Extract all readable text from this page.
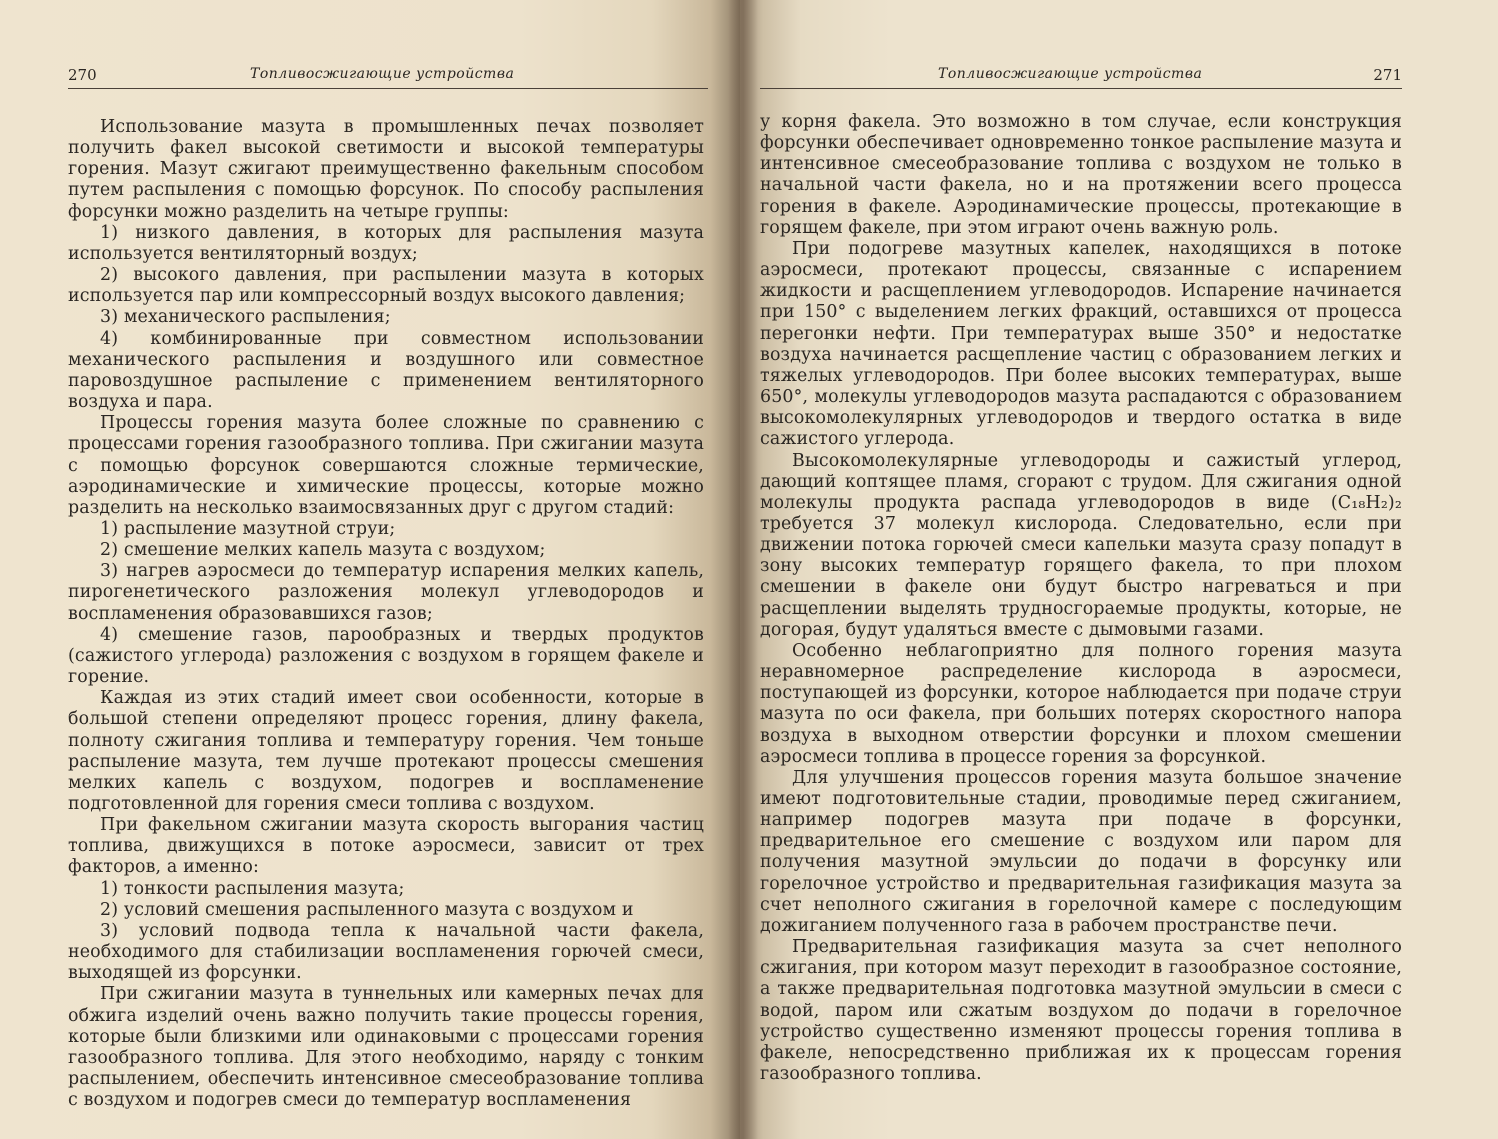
270	Топливосжигающие устройства

Использование мазута в промышленных печах позволяет получить факел высокой светимости и высокой температуры горения. Мазут сжигают преимущественно факельным способом путем распыления с помощью форсунок. По способу распыления форсунки можно разделить на четыре группы:

1) низкого давления, в которых для распыления мазута используется вентиляторный воздух;

2) высокого давления, при распылении мазута в которых используется пар или компрессорный воздух высокого давления;

3) механического распыления;

4) комбинированные при совместном использовании механического распыления и воздушного или совместное паровоздушное распыление с применением вентиляторного воздуха и пара.

Процессы горения мазута более сложные по сравнению с процессами горения газообразного топлива. При сжигании мазута с помощью форсунок совершаются сложные термические, аэродинамические и химические процессы, которые можно разделить на несколько взаимосвязанных друг с другом стадий:

1) распыление мазутной струи;

2) смешение мелких капель мазута с воздухом;

3) нагрев аэросмеси до температур испарения мелких капель, пирогенетического разложения молекул углеводородов и воспламенения образовавшихся газов;

4) смешение газов, парообразных и твердых продуктов (сажистого углерода) разложения с воздухом в горящем факеле и горение.

Каждая из этих стадий имеет свои особенности, которые в большой степени определяют процесс горения, длину факела, полноту сжигания топлива и температуру горения. Чем тоньше распыление мазута, тем лучше протекают процессы смешения мелких капель с воздухом, подогрев и воспламенение подготовленной для горения смеси топлива с воздухом.

При факельном сжигании мазута скорость выгорания частиц топлива, движущихся в потоке аэросмеси, зависит от трех факторов, а именно:

1) тонкости распыления мазута;

2) условий смешения распыленного мазута с воздухом и

3) условий подвода тепла к начальной части факела, необходимого для стабилизации воспламенения горючей смеси, выходящей из форсунки.

При сжигании мазута в туннельных или камерных печах для обжига изделий очень важно получить такие процессы горения, которые были близкими или одинаковыми с процессами горения газообразного топлива. Для этого необходимо, наряду с тонким распылением, обеспечить интенсивное смесеобразование топлива с воздухом и подогрев смеси до температур воспламенения

Топливосжигающие устройства	271

у корня факела. Это возможно в том случае, если конструкция форсунки обеспечивает одновременно тонкое распыление мазута и интенсивное смесеобразование топлива с воздухом не только в начальной части факела, но и на протяжении всего процесса горения в факеле. Аэродинамические процессы, протекающие в горящем факеле, при этом играют очень важную роль.

При подогреве мазутных капелек, находящихся в потоке аэросмеси, протекают процессы, связанные с испарением жидкости и расщеплением углеводородов. Испарение начинается при 150° с выделением легких фракций, оставшихся от процесса перегонки нефти. При температурах выше 350° и недостатке воздуха начинается расщепление частиц с образованием легких и тяжелых углеводородов. При более высоких температурах, выше 650°, молекулы углеводородов мазута распадаются с образованием высокомолекулярных углеводородов и твердого остатка в виде сажистого углерода.

Высокомолекулярные углеводороды и сажистый углерод, дающий коптящее пламя, сгорают с трудом. Для сжигания одной молекулы продукта распада углеводородов в виде (C₁₈H₂)₂ требуется 37 молекул кислорода. Следовательно, если при движении потока горючей смеси капельки мазута сразу попадут в зону высоких температур горящего факела, то при плохом смешении в факеле они будут быстро нагреваться и при расщеплении выделять трудносгораемые продукты, которые, не догорая, будут удаляться вместе с дымовыми газами.

Особенно неблагоприятно для полного горения мазута неравномерное распределение кислорода в аэросмеси, поступающей из форсунки, которое наблюдается при подаче струи мазута по оси факела, при больших потерях скоростного напора воздуха в выходном отверстии форсунки и плохом смешении аэросмеси топлива в процессе горения за форсункой.

Для улучшения процессов горения мазута большое значение имеют подготовительные стадии, проводимые перед сжиганием, например подогрев мазута при подаче в форсунки, предварительное его смешение с воздухом или паром для получения мазутной эмульсии до подачи в форсунку или горелочное устройство и предварительная газификация мазута за счет неполного сжигания в горелочной камере с последующим дожиганием полученного газа в рабочем пространстве печи.

Предварительная газификация мазута за счет неполного сжигания, при котором мазут переходит в газообразное состояние, а также предварительная подготовка мазутной эмульсии в смеси с водой, паром или сжатым воздухом до подачи в горелочное устройство существенно изменяют процессы горения топлива в факеле, непосредственно приближая их к процессам горения газообразного топлива.
